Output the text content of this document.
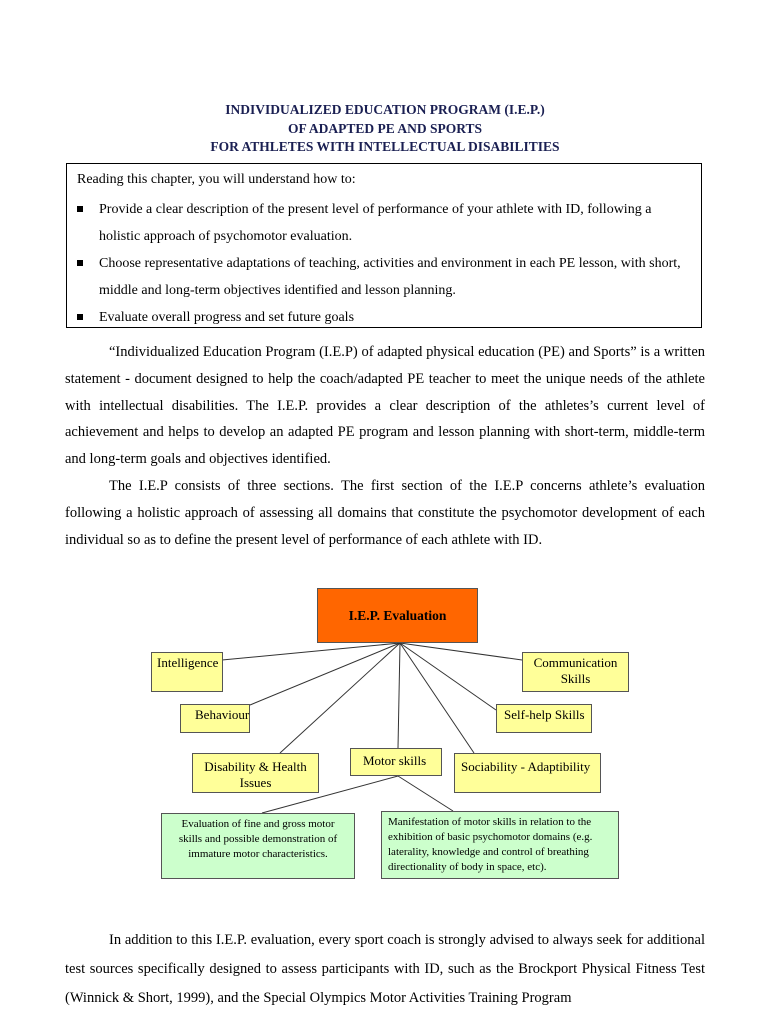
INDIVIDUALIZED EDUCATION PROGRAM (I.E.P.)
OF ADAPTED PE AND SPORTS
FOR ATHLETES WITH INTELLECTUAL DISABILITIES
Reading this chapter, you will understand how to:
Provide a clear description of the present level of performance of your athlete with ID, following a holistic approach of psychomotor evaluation.
Choose representative adaptations of teaching, activities and environment in each PE lesson, with short, middle and long-term objectives identified and lesson planning.
Evaluate overall progress and set future goals

“Individualized Education Program (I.E.P) of adapted physical education (PE) and Sports” is a written statement - document designed to help the coach/adapted PE teacher to meet the unique needs of the athlete with intellectual disabilities. The I.E.P. provides a clear description of the athletes’s current level of achievement and helps to develop an adapted PE program and lesson planning with short-term, middle-term and long-term goals and objectives identified.

The I.E.P consists of three sections. The first section of the I.E.P concerns athlete’s evaluation following a holistic approach of assessing all domains that constitute the psychomotor development of each individual so as to define the present level of performance of each athlete with ID.

I.E.P. Evaluation
Intelligence	Communication
Skills
Behaviour	Self-help Skills
Disability & Health
Issues
Motor skills	Sociability - Adaptibility
Evaluation of fine and gross motor skills and possible demonstration of immature motor characteristics.
Manifestation of motor skills in relation to the exhibition of basic psychomotor domains (e.g. laterality, knowledge and control of breathing directionality of body in space, etc).

In addition to this I.E.P. evaluation, every sport coach is strongly advised to always seek for additional test sources specifically designed to assess participants with ID, such as the Brockport Physical Fitness Test (Winnick & Short, 1999), and the Special Olympics Motor Activities Training Program
